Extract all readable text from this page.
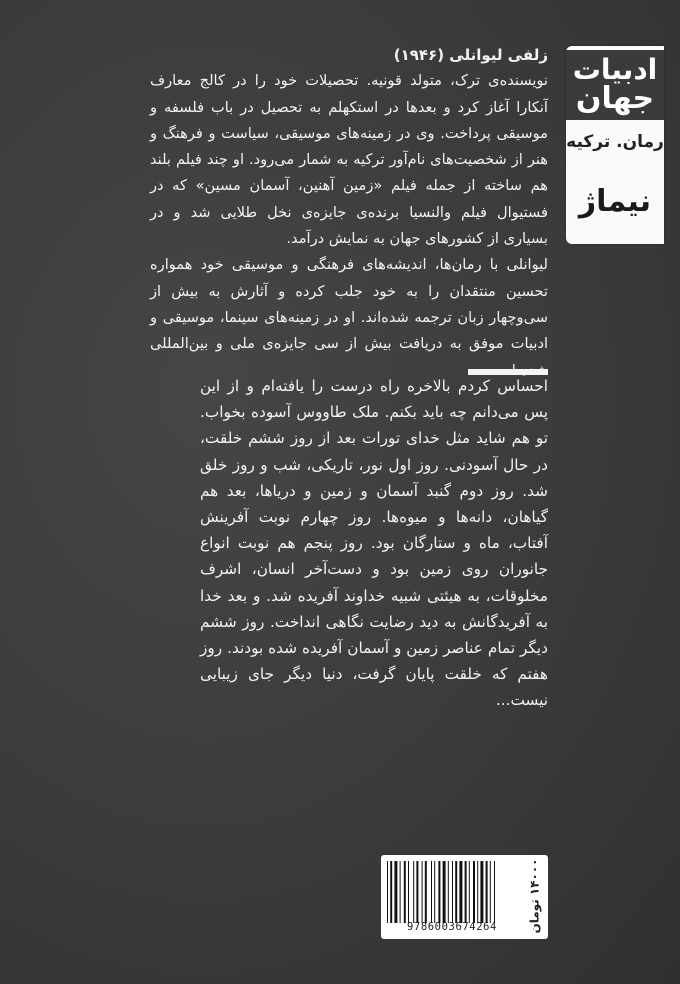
ادبیات
جهان
رمان. ترکیه
نیماژ
زلفی لیوانلی (۱۹۴۶)

نویسنده‌ی ترک، متولد قونیه. تحصیلات خود را در کالج معارف آنکارا آغاز کرد و بعدها در استکهلم به تحصیل در باب فلسفه و موسیقی پرداخت. وی در زمینه‌های موسیقی، سیاست و فرهنگ و هنر از شخصیت‌های نام‌آور ترکیه به شمار می‌رود. او چند فیلم بلند هم ساخته از جمله فیلم «زمین آهنین، آسمان مسین» که در فستیوال فیلم والنسیا برنده‌ی جایزه‌ی نخل طلایی شد و در بسیاری از کشورهای جهان به نمایش درآمد.

لیوانلی با رمان‌ها، اندیشه‌های فرهنگی و موسیقی خود همواره تحسین منتقدان را به خود جلب کرده و آثارش به بیش از سی‌وچهار زبان ترجمه شده‌اند. او در زمینه‌های سینما، موسیقی و ادبیات موفق به دریافت بیش از سی جایزه‌ی ملی و بین‌المللی

احساس کردم بالاخره راه درست را یافته‌ام و از این پس می‌دانم چه باید بکنم. ملک طاووس آسوده بخواب. تو هم شاید مثل خدای تورات بعد از روز ششم خلقت، در حال آسودنی. روز اول نور، تاریکی، شب و روز خلق شد. روز دوم گنبد آسمان و زمین و دریاها، بعد هم گیاهان، دانه‌ها و میوه‌ها. روز چهارم نوبت آفرینش آفتاب، ماه و ستارگان بود. روز پنجم هم نوبت انواع جانوران روی زمین بود و دست‌آخر انسان، اشرف مخلوقات، به هیئتی شبیه خداوند آفریده شد. و بعد خدا به آفریدگانش به دید رضایت نگاهی انداخت. روز ششم دیگر تمام عناصر زمین و آسمان آفریده شده بودند. روز هفتم که خلقت پایان گرفت، دنیا دیگر جای زیبایی نیست...

۱۴۰۰۰ تومان
9786003674264
